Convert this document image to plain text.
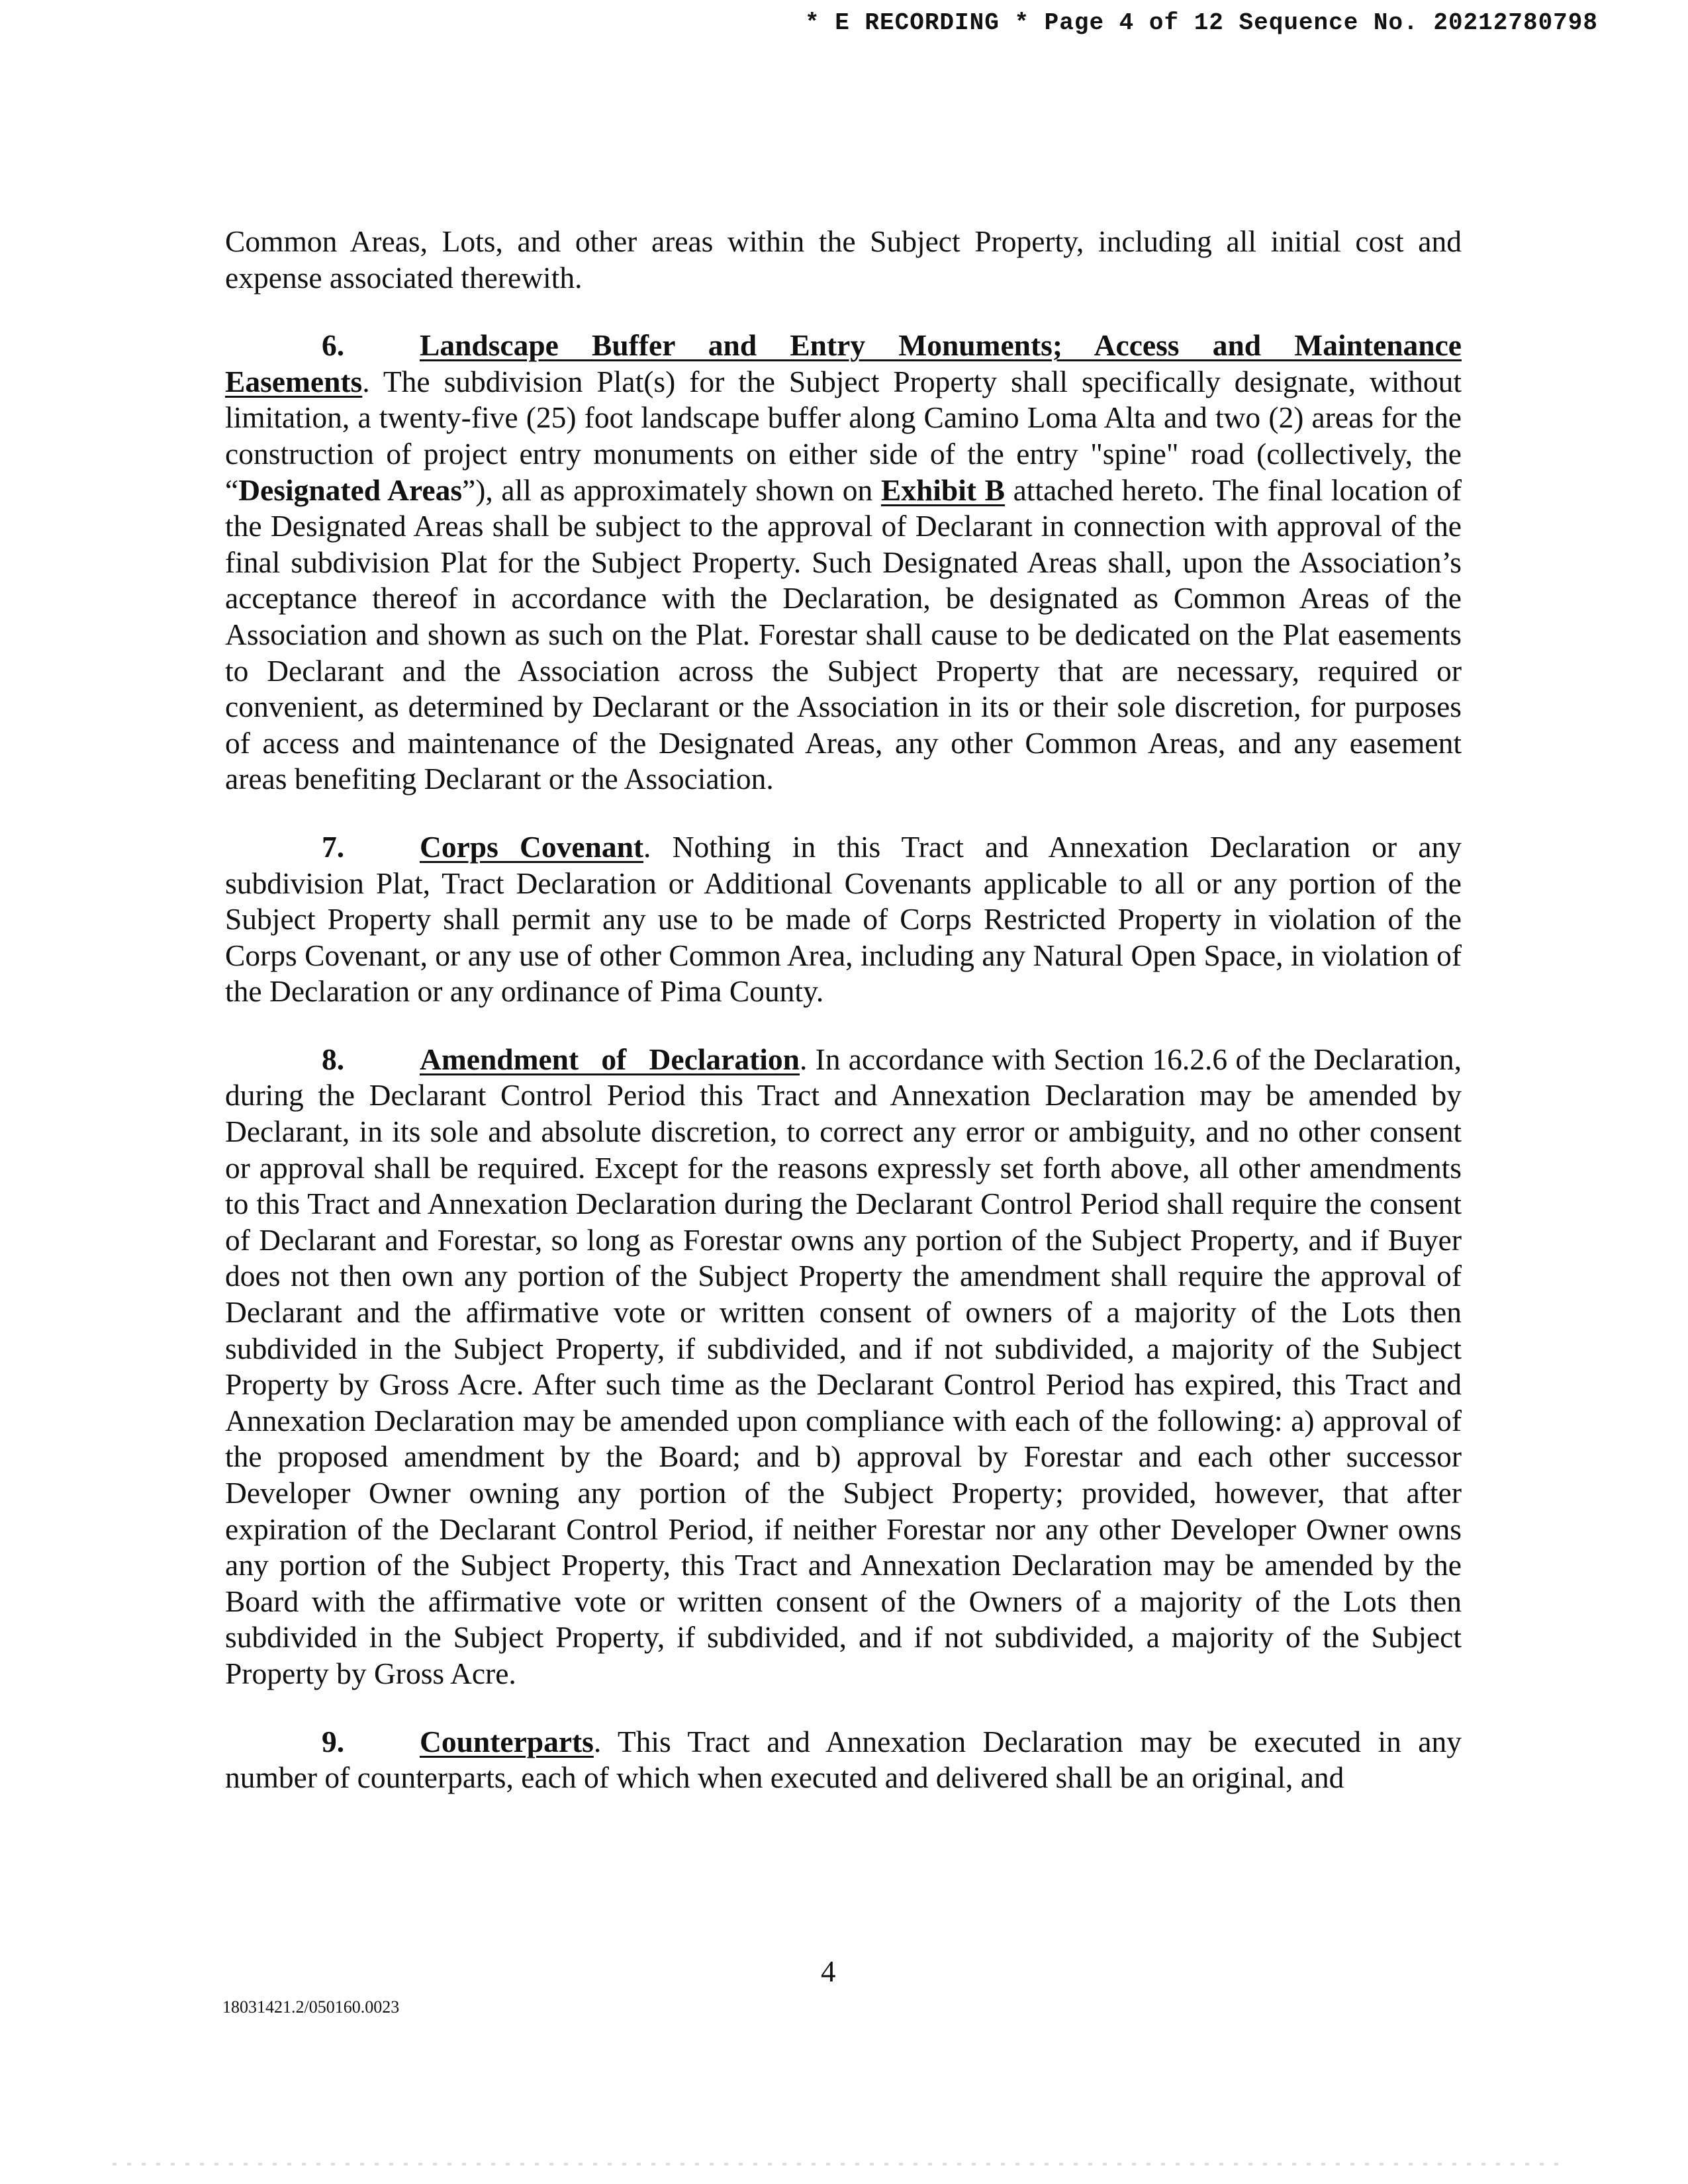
* E RECORDING * Page 4 of 12 Sequence No. 20212780798

Common Areas, Lots, and other areas within the Subject Property, including all initial cost and expense associated therewith.

6.	Landscape Buffer and Entry Monuments; Access and Maintenance Easements. The subdivision Plat(s) for the Subject Property shall specifically designate, without limitation, a twenty-five (25) foot landscape buffer along Camino Loma Alta and two (2) areas for the construction of project entry monuments on either side of the entry "spine" road (collectively, the “Designated Areas”), all as approximately shown on Exhibit B attached hereto. The final location of the Designated Areas shall be subject to the approval of Declarant in connection with approval of the final subdivision Plat for the Subject Property. Such Designated Areas shall, upon the Association’s acceptance thereof in accordance with the Declaration, be designated as Common Areas of the Association and shown as such on the Plat. Forestar shall cause to be dedicated on the Plat easements to Declarant and the Association across the Subject Property that are necessary, required or convenient, as determined by Declarant or the Association in its or their sole discretion, for purposes of access and maintenance of the Designated Areas, any other Common Areas, and any easement areas benefiting Declarant or the Association.

7.	Corps Covenant. Nothing in this Tract and Annexation Declaration or any subdivision Plat, Tract Declaration or Additional Covenants applicable to all or any portion of the Subject Property shall permit any use to be made of Corps Restricted Property in violation of the Corps Covenant, or any use of other Common Area, including any Natural Open Space, in violation of the Declaration or any ordinance of Pima County.

8.	Amendment of Declaration. In accordance with Section 16.2.6 of the Declaration, during the Declarant Control Period this Tract and Annexation Declaration may be amended by Declarant, in its sole and absolute discretion, to correct any error or ambiguity, and no other consent or approval shall be required. Except for the reasons expressly set forth above, all other amendments to this Tract and Annexation Declaration during the Declarant Control Period shall require the consent of Declarant and Forestar, so long as Forestar owns any portion of the Subject Property, and if Buyer does not then own any portion of the Subject Property the amendment shall require the approval of Declarant and the affirmative vote or written consent of owners of a majority of the Lots then subdivided in the Subject Property, if subdivided, and if not subdivided, a majority of the Subject Property by Gross Acre. After such time as the Declarant Control Period has expired, this Tract and Annexation Declaration may be amended upon compliance with each of the following: a) approval of the proposed amendment by the Board; and b) approval by Forestar and each other successor Developer Owner owning any portion of the Subject Property; provided, however, that after expiration of the Declarant Control Period, if neither Forestar nor any other Developer Owner owns any portion of the Subject Property, this Tract and Annexation Declaration may be amended by the Board with the affirmative vote or written consent of the Owners of a majority of the Lots then subdivided in the Subject Property, if subdivided, and if not subdivided, a majority of the Subject Property by Gross Acre.

9.	Counterparts. This Tract and Annexation Declaration may be executed in any number of counterparts, each of which when executed and delivered shall be an original, and

4
18031421.2/050160.0023
